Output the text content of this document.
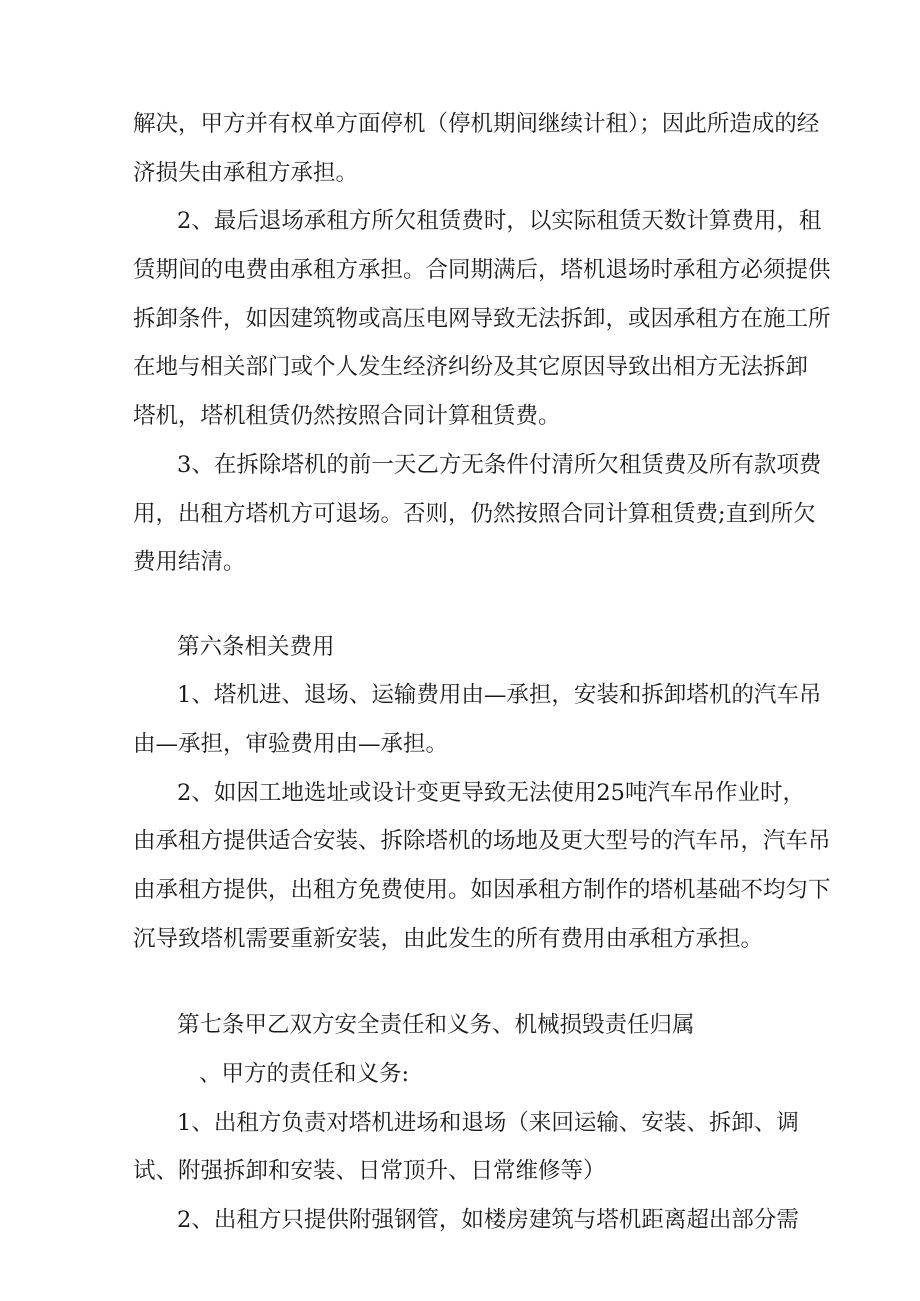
解决，甲方并有权单方面停机（停机期间继续计租）；因此所造成的经
济损失由承租方承担。
2、最后退场承租方所欠租赁费时，以实际租赁天数计算费用，租
赁期间的电费由承租方承担。合同期满后，塔机退场时承租方必须提供
拆卸条件，如因建筑物或高压电网导致无法拆卸，或因承租方在施工所
在地与相关部门或个人发生经济纠纷及其它原因导致出相方无法拆卸
塔机，塔机租赁仍然按照合同计算租赁费。
3、在拆除塔机的前一天乙方无条件付清所欠租赁费及所有款项费
用，出租方塔机方可退场。否则，仍然按照合同计算租赁费;直到所欠
费用结清。
第六条相关费用
1、塔机进、退场、运输费用由—承担，安装和拆卸塔机的汽车吊
由—承担，审验费用由—承担。
2、如因工地选址或设计变更导致无法使用25吨汽车吊作业时，
由承租方提供适合安装、拆除塔机的场地及更大型号的汽车吊，汽车吊
由承租方提供，出租方免费使用。如因承租方制作的塔机基础不均匀下
沉导致塔机需要重新安装，由此发生的所有费用由承租方承担。
第七条甲乙双方安全责任和义务、机械损毁责任归属
、甲方的责任和义务:
1、出租方负责对塔机进场和退场（来回运输、安装、拆卸、调
试、附强拆卸和安装、日常顶升、日常维修等）
2、出租方只提供附强钢管，如楼房建筑与塔机距离超出部分需
